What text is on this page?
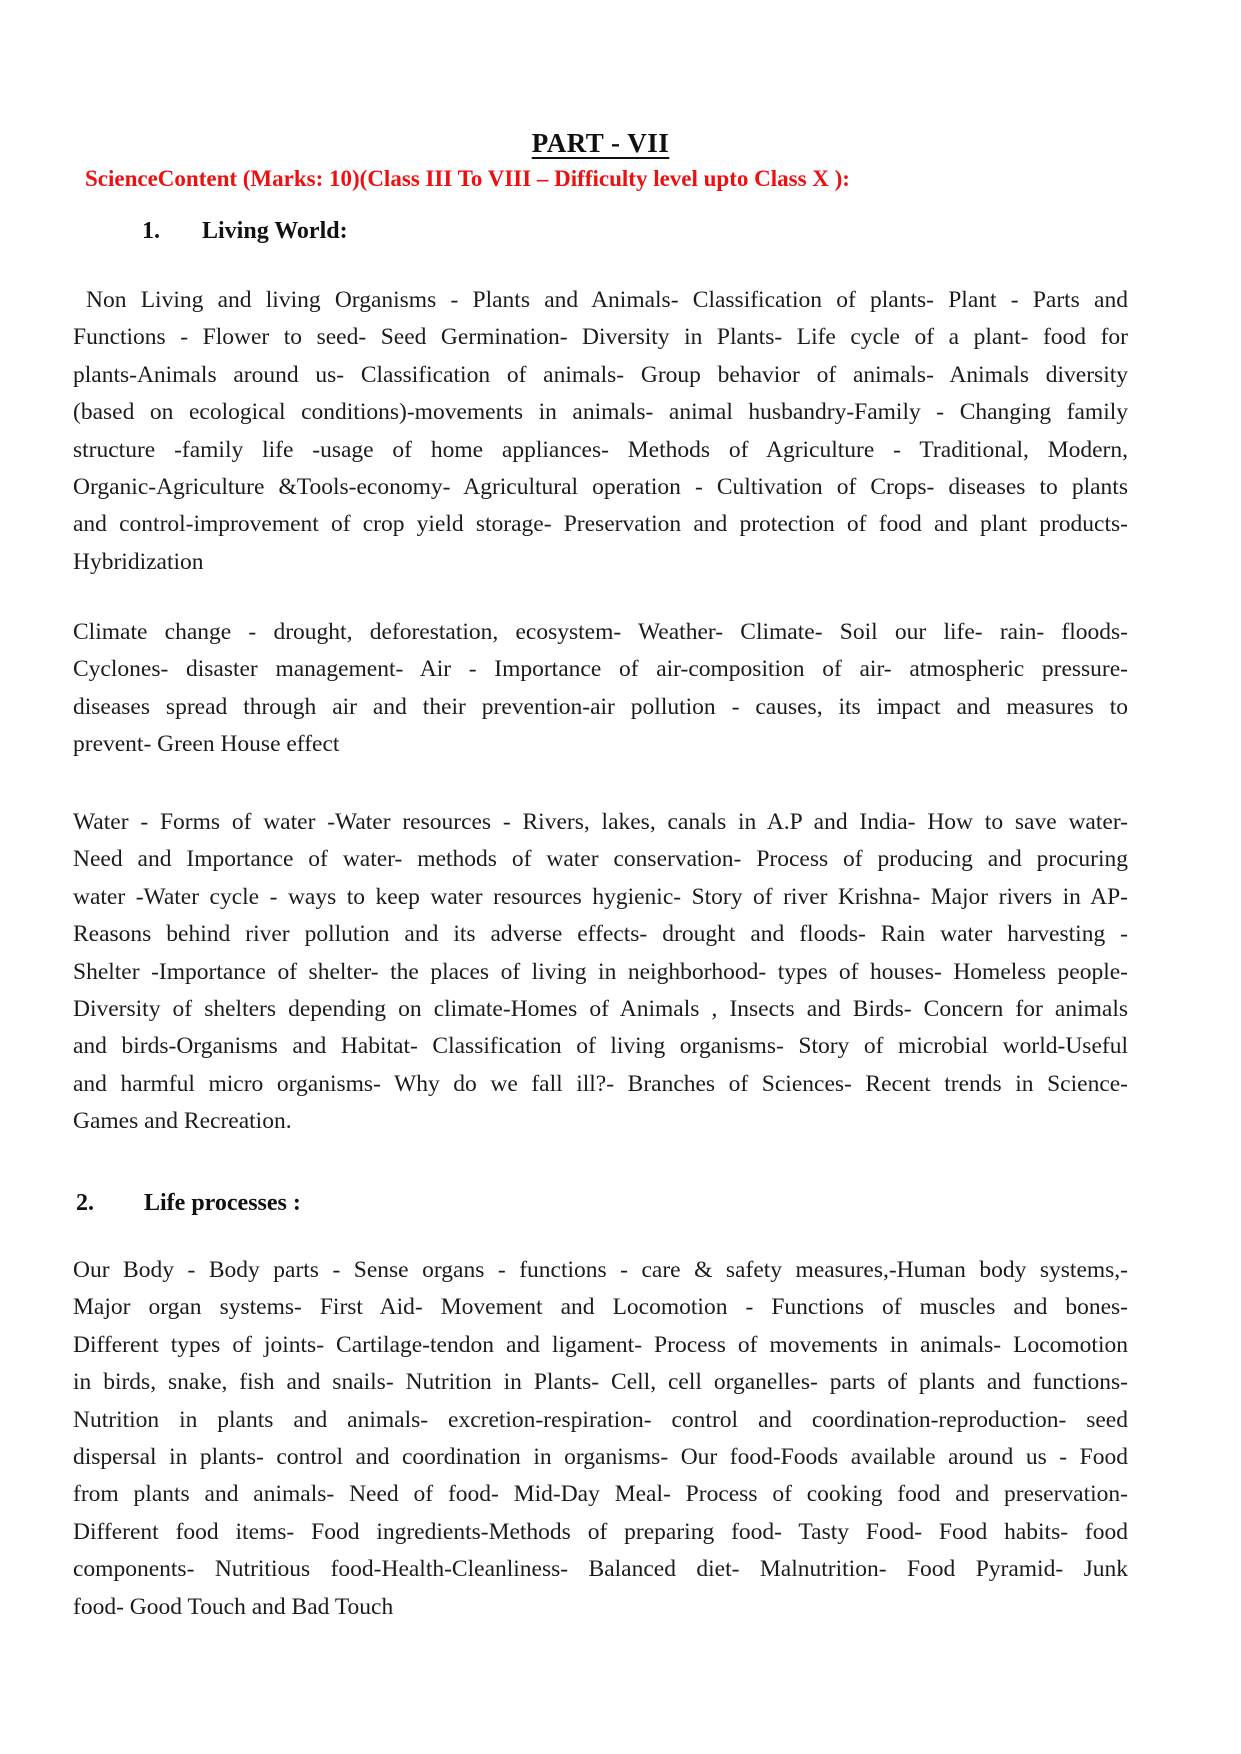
PART - VII
ScienceContent (Marks: 10)(Class III To VIII – Difficulty level upto Class X ):
1. Living World:
Non Living and living Organisms - Plants and Animals- Classification of plants- Plant - Parts and
Functions - Flower to seed- Seed Germination- Diversity in Plants- Life cycle of a plant- food for
plants-Animals around us- Classification of animals- Group behavior of animals- Animals diversity
(based on ecological conditions)-movements in animals- animal husbandry-Family - Changing family
structure -family life -usage of home appliances- Methods of Agriculture - Traditional, Modern,
Organic-Agriculture &Tools-economy- Agricultural operation - Cultivation of Crops- diseases to plants
and control-improvement of crop yield storage- Preservation and protection of food and plant products-
Hybridization
Climate change - drought, deforestation, ecosystem- Weather- Climate- Soil our life- rain- floods-
Cyclones- disaster management- Air - Importance of air-composition of air- atmospheric pressure-
diseases spread through air and their prevention-air pollution - causes, its impact and measures to
prevent- Green House effect
Water - Forms of water -Water resources - Rivers, lakes, canals in A.P and India- How to save water-
Need and Importance of water- methods of water conservation- Process of producing and procuring
water -Water cycle - ways to keep water resources hygienic- Story of river Krishna- Major rivers in AP-
Reasons behind river pollution and its adverse effects- drought and floods- Rain water harvesting -
Shelter -Importance of shelter- the places of living in neighborhood- types of houses- Homeless people-
Diversity of shelters depending on climate-Homes of Animals , Insects and Birds- Concern for animals
and birds-Organisms and Habitat- Classification of living organisms- Story of microbial world-Useful
and harmful micro organisms- Why do we fall ill?- Branches of Sciences- Recent trends in Science-
Games and Recreation.
2. Life processes :
Our Body - Body parts - Sense organs - functions - care & safety measures,-Human body systems,-
Major organ systems- First Aid- Movement and Locomotion - Functions of muscles and bones-
Different types of joints- Cartilage-tendon and ligament- Process of movements in animals- Locomotion
in birds, snake, fish and snails- Nutrition in Plants- Cell, cell organelles- parts of plants and functions-
Nutrition in plants and animals- excretion-respiration- control and coordination-reproduction- seed
dispersal in plants- control and coordination in organisms- Our food-Foods available around us - Food
from plants and animals- Need of food- Mid-Day Meal- Process of cooking food and preservation-
Different food items- Food ingredients-Methods of preparing food- Tasty Food- Food habits- food
components- Nutritious food-Health-Cleanliness- Balanced diet- Malnutrition- Food Pyramid- Junk
food- Good Touch and Bad Touch
